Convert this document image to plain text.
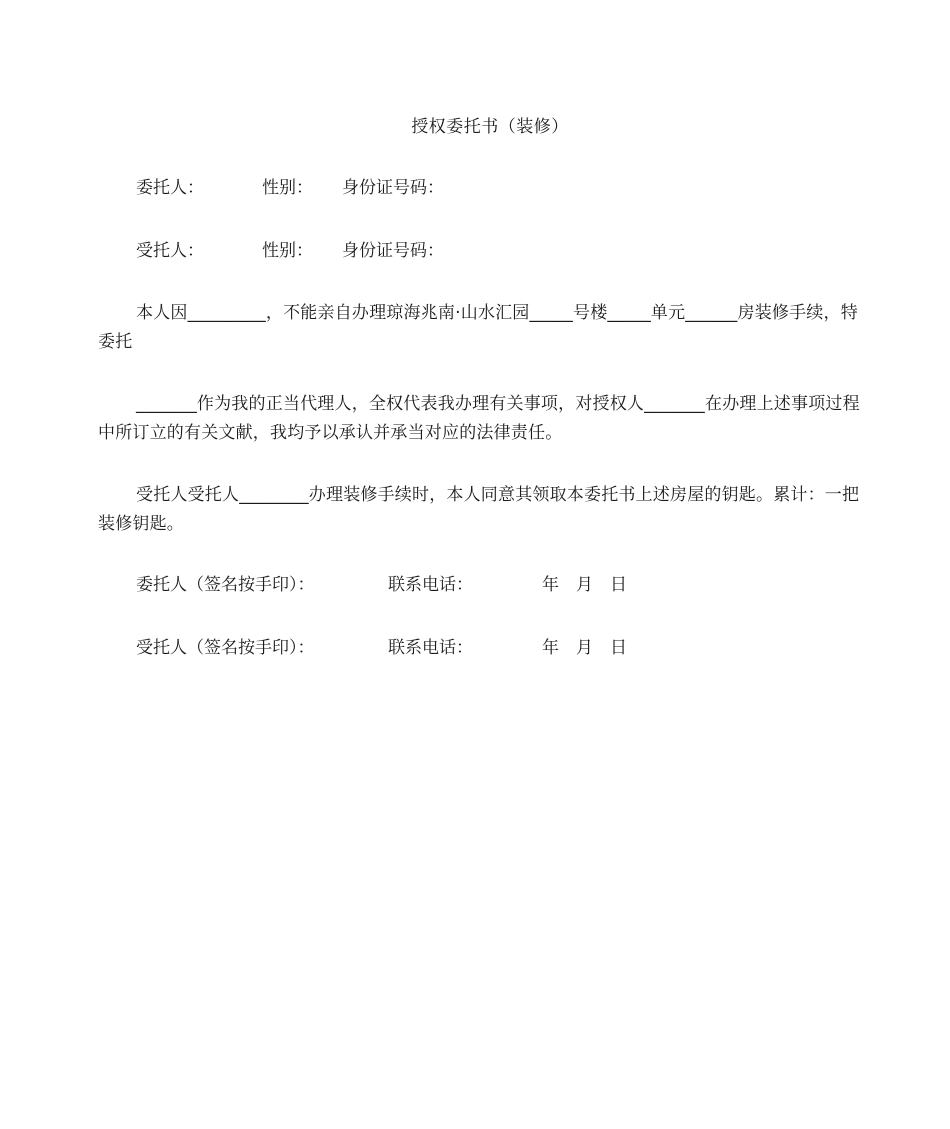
授权委托书（装修）
委托人：	性别： 身份证号码：
受托人：	性别： 身份证号码：
本人因_________，不能亲自办理琼海兆南·山水汇园_____号楼_____单元______房装修手续，特委托
_______作为我的正当代理人，全权代表我办理有关事项，对授权人_______在办理上述事项过程中所订立的有关文献，我均予以承认并承当对应的法律责任。
受托人受托人________办理装修手续时，本人同意其领取本委托书上述房屋的钥匙。累计：一把装修钥匙。
委托人（签名按手印）：	联系电话：	年 月 日
受托人（签名按手印）：	联系电话：	年 月 日
